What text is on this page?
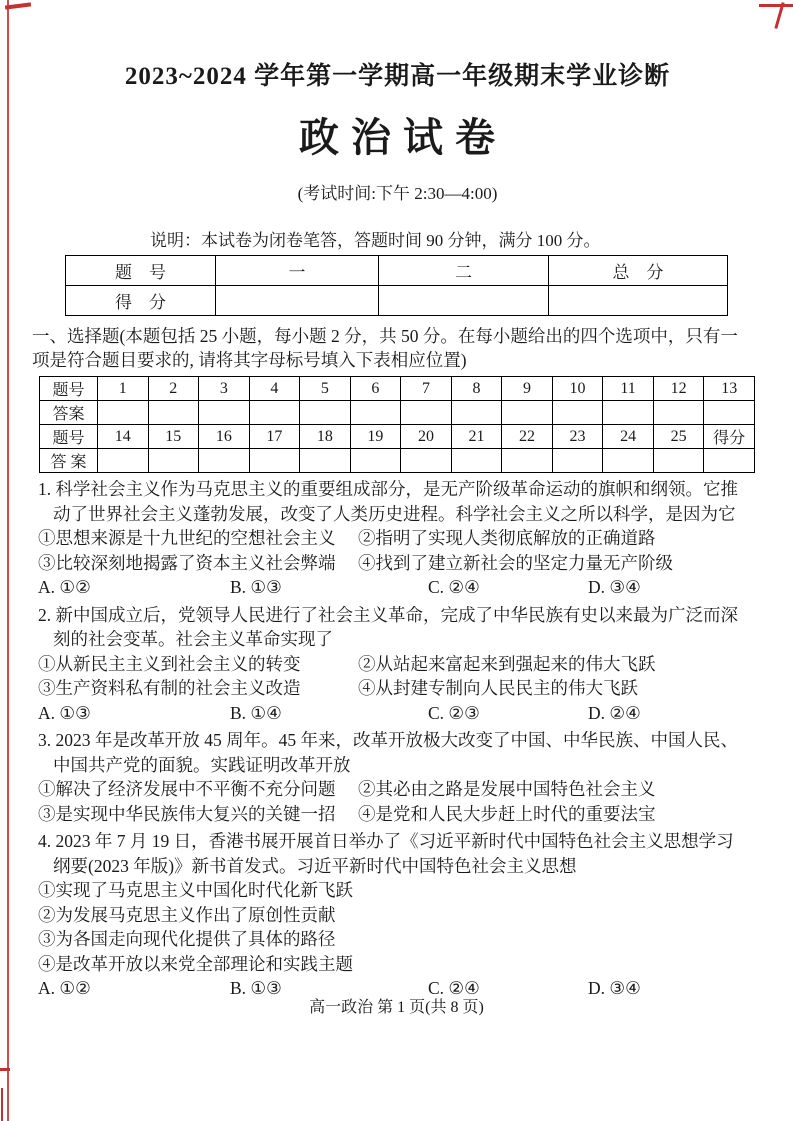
2023~2024 学年第一学期高一年级期末学业诊断
政 治 试 卷
(考试时间:下午 2:30—4:00)
说明：本试卷为闭卷笔答，答题时间 90 分钟，满分 100 分。
题　号	一	二	总　分
得　分			

一、选择题(本题包括 25 小题，每小题 2 分，共 50 分。在每小题给出的四个选项中，只有一项是符合题目要求的, 请将其字母标号填入下表相应位置)

题号	1	2	3	4	5	6	7	8	9	10	11	12	13
答案													
题号	14	15	16	17	18	19	20	21	22	23	24	25	得分
答 案													

1. 科学社会主义作为马克思主义的重要组成部分，是无产阶级革命运动的旗帜和纲领。它推动了世界社会主义蓬勃发展，改变了人类历史进程。科学社会主义之所以科学，是因为它

①思想来源是十九世纪的空想社会主义 ②指明了实现人类彻底解放的正确道路

③比较深刻地揭露了资本主义社会弊端 ④找到了建立新社会的坚定力量无产阶级

A. ①②	B. ①③	C. ②④	D. ③④

2. 新中国成立后，党领导人民进行了社会主义革命，完成了中华民族有史以来最为广泛而深刻的社会变革。社会主义革命实现了

①从新民主主义到社会主义的转变	②从站起来富起来到强起来的伟大飞跃

③生产资料私有制的社会主义改造	④从封建专制向人民民主的伟大飞跃

A. ①③	B. ①④	C. ②③	D. ②④

3. 2023 年是改革开放 45 周年。45 年来，改革开放极大改变了中国、中华民族、中国人民、中国共产党的面貌。实践证明改革开放

①解决了经济发展中不平衡不充分问题 ②其必由之路是发展中国特色社会主义

③是实现中华民族伟大复兴的关键一招 ④是党和人民大步赶上时代的重要法宝

4. 2023 年 7 月 19 日，香港书展开展首日举办了《习近平新时代中国特色社会主义思想学习纲要(2023 年版)》新书首发式。习近平新时代中国特色社会主义思想

①实现了马克思主义中国化时代化新飞跃

②为发展马克思主义作出了原创性贡献

③为各国走向现代化提供了具体的路径

④是改革开放以来党全部理论和实践主题

A. ①②	B. ①③	C. ②④	D. ③④

高一政治 第 1 页(共 8 页)
